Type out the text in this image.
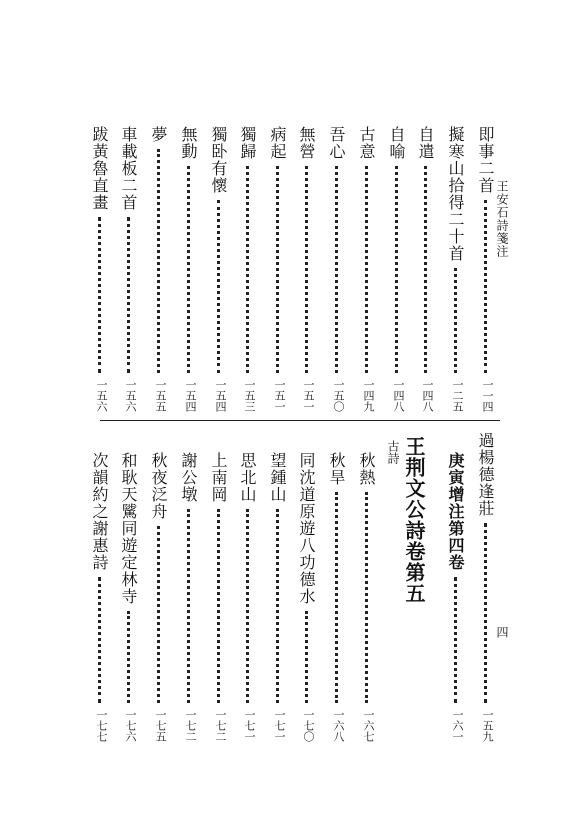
王安石詩箋注
四
即事二首
一一四
擬寒山拾得二十首
一二五
自遣
一四八
自喻
一四八
古意
一四九
吾心
一五〇
無營
一五一
病起
一五一
獨歸
一五三
獨卧有懷
一五四
無動
一五四
夢
一五五
車載板二首
一五六
跋黃魯直畫
一五六
過楊德逢莊
一五九
庚寅增注第四卷
一六一
王荆文公詩卷第五
古詩
秋熱
一六七
秋旱
一六八
同沈道原遊八功德水
一七〇
望鍾山
一七一
思北山
一七一
上南岡
一七二
謝公墩
一七二
秋夜泛舟
一七五
和耿天騭同遊定林寺
一七六
次韻約之謝惠詩
一七七
